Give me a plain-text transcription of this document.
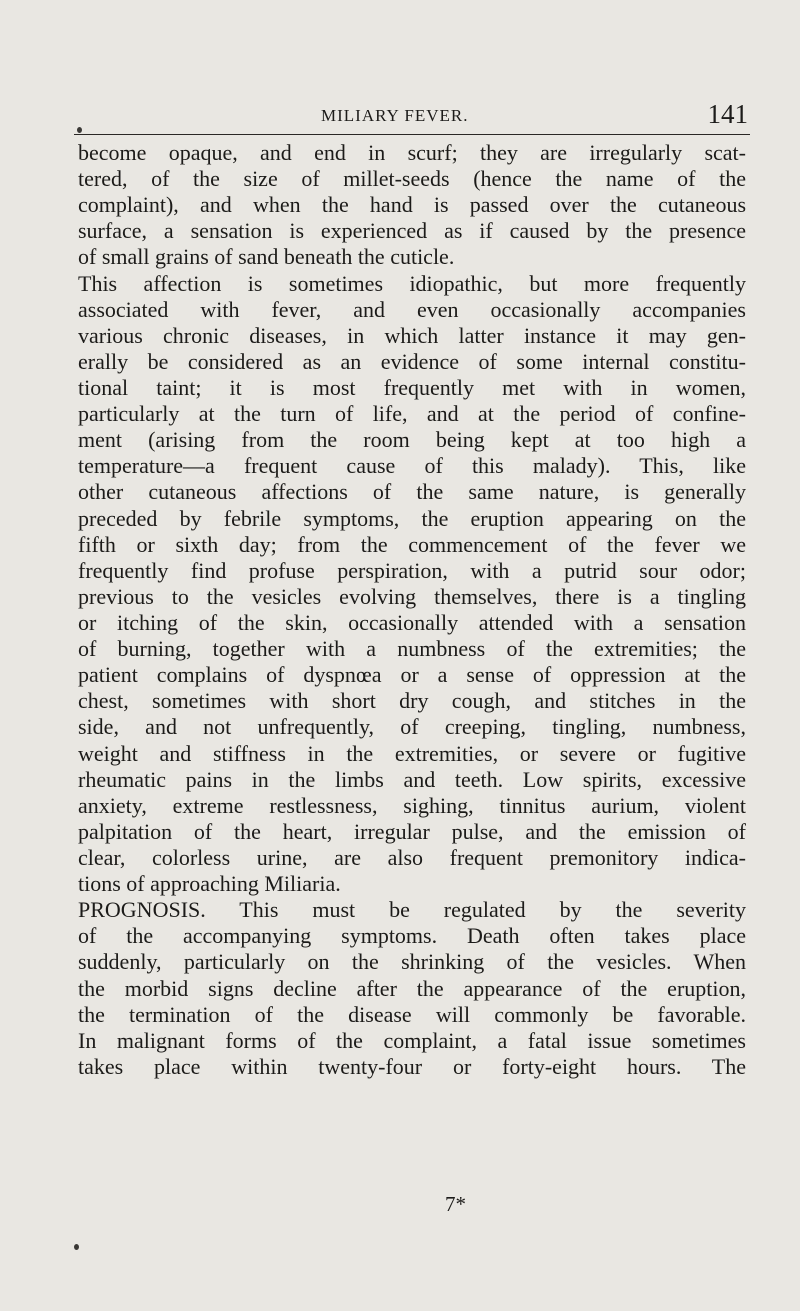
MILIARY FEVER.	141
become opaque, and end in scurf; they are irregularly scat-
tered, of the size of millet-seeds (hence the name of the
complaint), and when the hand is passed over the cutaneous
surface, a sensation is experienced as if caused by the presence
of small grains of sand beneath the cuticle.
This affection is sometimes idiopathic, but more frequently
associated with fever, and even occasionally accompanies
various chronic diseases, in which latter instance it may gen-
erally be considered as an evidence of some internal constitu-
tional taint; it is most frequently met with in women,
particularly at the turn of life, and at the period of confine-
ment (arising from the room being kept at too high a
temperature—a frequent cause of this malady). This, like
other cutaneous affections of the same nature, is generally
preceded by febrile symptoms, the eruption appearing on the
fifth or sixth day; from the commencement of the fever we
frequently find profuse perspiration, with a putrid sour odor;
previous to the vesicles evolving themselves, there is a tingling
or itching of the skin, occasionally attended with a sensation
of burning, together with a numbness of the extremities; the
patient complains of dyspnœa or a sense of oppression at the
chest, sometimes with short dry cough, and stitches in the
side, and not unfrequently, of creeping, tingling, numbness,
weight and stiffness in the extremities, or severe or fugitive
rheumatic pains in the limbs and teeth. Low spirits, excessive
anxiety, extreme restlessness, sighing, tinnitus aurium, violent
palpitation of the heart, irregular pulse, and the emission of
clear, colorless urine, are also frequent premonitory indica-
tions of approaching Miliaria.
PROGNOSIS. This must be regulated by the severity
of the accompanying symptoms. Death often takes place
suddenly, particularly on the shrinking of the vesicles. When
the morbid signs decline after the appearance of the eruption,
the termination of the disease will commonly be favorable.
In malignant forms of the complaint, a fatal issue sometimes
takes place within twenty-four or forty-eight hours. The
7*
